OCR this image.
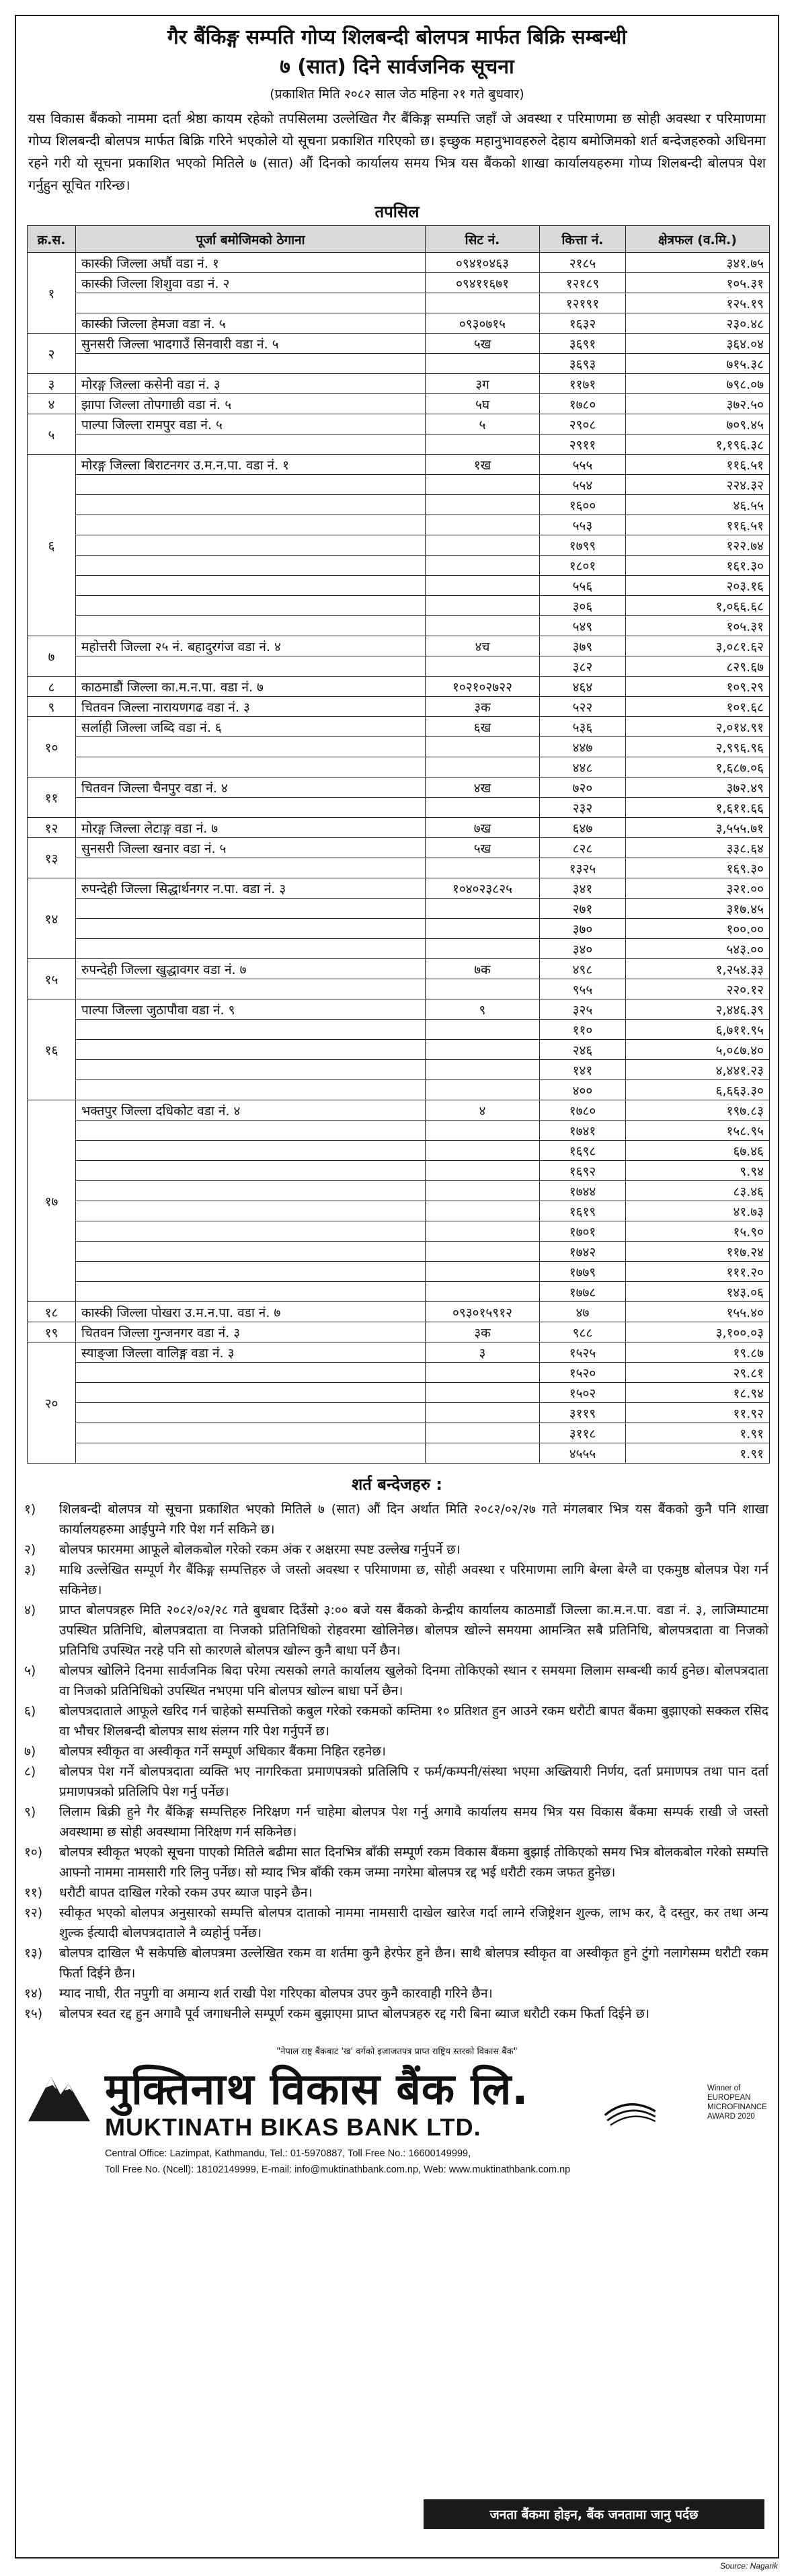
गैर बैंकिङ्ग सम्पति गोप्य शिलबन्दी बोलपत्र मार्फत बिक्रि सम्बन्धी
७ (सात) दिने सार्वजनिक सूचना
(प्रकाशित मिति २०८२ साल जेठ महिना २१ गते बुधवार)
यस विकास बैंकको नाममा दर्ता श्रेष्ठा कायम रहेको तपसिलमा उल्लेखित गैर बैंकिङ्ग सम्पत्ति जहाँ जे अवस्था र परिमाणमा छ सोही अवस्था र परिमाणमा गोप्य शिलबन्दी बोलपत्र मार्फत बिक्रि गरिने भएकोले यो सूचना प्रकाशित गरिएको छ। इच्छुक महानुभावहरुले देहाय बमोजिमको शर्त बन्देजहरुको अधिनमा रहने गरी यो सूचना प्रकाशित भएको मितिले ७ (सात) औं दिनको कार्यालय समय भित्र यस बैंकको शाखा कार्यालयहरुमा गोप्य शिलबन्दी बोलपत्र पेश गर्नुहुन सूचित गरिन्छ।
तपसिल
क्र.स.	पूर्जा बमोजिमको ठेगाना	सिट नं.	कित्ता नं.	क्षेत्रफल (व.मि.)
१	कास्की जिल्ला अर्घौ वडा नं. १	०९४१०४६३	२१८५	३४१.७५
	कास्की जिल्ला शिशुवा वडा नं. २	०९४११६७१	१२१८९	१०५.३१
			१२१९१	१२५.१९
	कास्की जिल्ला हेमजा वडा नं. ५	०९३०७१५	१६३२	२३०.४८
२	सुनसरी जिल्ला भादगाउँ सिनवारी वडा नं. ५	५ख	३६९१	३६४.०४
			३६९३	७१५.३८
३	मोरङ्ग जिल्ला कसेनी वडा नं. ३	३ग	११७१	७९८.०७
४	झापा जिल्ला तोपगाछी वडा नं. ५	५घ	१७८०	३७२.५०
५	पाल्पा जिल्ला रामपुर वडा नं. ५	५	२९०८	७०९.४५
			२९११	१,१९६.३८
६	मोरङ्ग जिल्ला बिराटनगर उ.म.न.पा. वडा नं. १	१ख	५५५	११६.५१
			५५४	२२४.३२
			१६००	४६.५५
			५५३	११६.५१
			१७९९	१२२.७४
			१८०१	१६१.३०
			५५६	२०३.१६
			३०६	१,०६६.६८
			५४९	१०५.३१
७	महोत्तरी जिल्ला २५ नं. बहादुरगंज वडा नं. ४	४च	३७९	३,०८१.६२
			३८२	८२९.६७
८	काठमाडौं जिल्ला का.म.न.पा. वडा नं. ७	१०२१०२७२२	४६४	१०९.२९
९	चितवन जिल्ला नारायणगढ वडा नं. ३	३क	५२२	१०१.६८
१०	सर्लाही जिल्ला जब्दि वडा नं. ६	६ख	५३६	२,०१४.९१
			४४७	२,९९६.९६
			४४८	१,६८७.०६
११	चितवन जिल्ला चैनपुर वडा नं. ४	४ख	७२०	३७२.४९
			२३२	१,६११.६६
१२	मोरङ्ग जिल्ला लेटाङ्ग वडा नं. ७	७ख	६४७	३,५५५.७१
१३	सुनसरी जिल्ला खनार वडा नं. ५	५ख	८२८	३३८.६४
			१३२५	१६९.३०
१४	रुपन्देही जिल्ला सिद्धार्थनगर न.पा. वडा नं. ३	१०४०२३८२५	३४१	३२१.००
			२७१	३१७.४५
			३७०	१००.००
			३४०	५४३.००
१५	रुपन्देही जिल्ला खुद्धावगर वडा नं. ७	७क	४९८	१,२५४.३३
			९५५	२२०.१२
१६	पाल्पा जिल्ला जुठापौवा वडा नं. ९	९	३२५	२,४४६.३९
			११०	६,७११.९५
			२४६	५,०८७.४०
			१४१	४,४४१.२३
			४००	६,६६३.३०
१७	भक्तपुर जिल्ला दधिकोट वडा नं. ४	४	१७८०	१९७.८३
			१७४१	१५८.९५
			१६९८	६७.४६
			१६९२	९.९४
			१७४४	८३.४६
			१६१९	४१.७३
			१७०१	१५.९०
			१७४२	११७.२४
			१७७९	१११.२०
			१७७८	१४३.०६
१८	कास्की जिल्ला पोखरा उ.म.न.पा. वडा नं. ७	०९३०१५९१२	४७	१५५.४०
१९	चितवन जिल्ला गुन्जनगर वडा नं. ३	३क	९८८	३,१००.०३
२०	स्याङ्जा जिल्ला वालिङ्ग वडा नं. ३	३	१५२५	१९.८७
			१५२०	२९.८१
			१५०२	१८.९४
			३११९	११.९२
			३११८	१.९१
			४५५५	१.९१
शर्त बन्देजहरु :
१)	शिलबन्दी बोलपत्र यो सूचना प्रकाशित भएको मितिले ७ (सात) औं दिन अर्थात मिति २०८२/०२/२७ गते मंगलबार भित्र यस बैंकको कुनै पनि शाखा कार्यालयहरुमा आईपुग्ने गरि पेश गर्न सकिने छ।
२)	बोलपत्र फारममा आफूले बोलकबोल गरेको रकम अंक र अक्षरमा स्पष्ट उल्लेख गर्नुपर्ने छ।
३)	माथि उल्लेखित सम्पूर्ण गैर बैंकिङ्ग सम्पत्तिहरु जे जस्तो अवस्था र परिमाणमा छ, सोही अवस्था र परिमाणमा लागि बेग्ला बेग्लै वा एकमुष्ठ बोलपत्र पेश गर्न सकिनेछ।
४)	प्राप्त बोलपत्रहरु मिति २०८२/०२/२८ गते बुधबार दिउँसो ३:०० बजे यस बैंकको केन्द्रीय कार्यालय काठमाडौं जिल्ला का.म.न.पा. वडा नं. ३, लाजिम्पाटमा उपस्थित प्रतिनिधि, बोलपत्रदाता वा निजको प्रतिनिधिको रोहवरमा खोलिनेछ। बोलपत्र खोल्ने समयमा आमन्त्रित सबै प्रतिनिधि, बोलपत्रदाता वा निजको प्रतिनिधि उपस्थित नरहे पनि सो कारणले बोलपत्र खोल्न कुनै बाधा पर्ने छैन।
५)	बोलपत्र खोलिने दिनमा सार्वजनिक बिदा परेमा त्यसको लगते कार्यालय खुलेको दिनमा तोकिएको स्थान र समयमा लिलाम सम्बन्धी कार्य हुनेछ। बोलपत्रदाता वा निजको प्रतिनिधिको उपस्थित नभएमा पनि बोलपत्र खोल्न बाधा पर्ने छैन।
६)	बोलपत्रदाताले आफूले खरिद गर्न चाहेको सम्पत्तिको कबुल गरेको रकमको कम्तिमा १० प्रतिशत हुन आउने रकम धरौटी बापत बैंकमा बुझाएको सक्कल रसिद वा भौचर शिलबन्दी बोलपत्र साथ संलग्न गरि पेश गर्नुपर्ने छ।
७)	बोलपत्र स्वीकृत वा अस्वीकृत गर्ने सम्पूर्ण अधिकार बैंकमा निहित रहनेछ।
८)	बोलपत्र पेश गर्ने बोलपत्रदाता व्यक्ति भए नागरिकता प्रमाणपत्रको प्रतिलिपि र फर्म/कम्पनी/संस्था भएमा अख्तियारी निर्णय, दर्ता प्रमाणपत्र तथा पान दर्ता प्रमाणपत्रको प्रतिलिपि पेश गर्नु पर्नेछ।
९)	लिलाम बिक्री हुने गैर बैंकिङ्ग सम्पत्तिहरु निरिक्षण गर्न चाहेमा बोलपत्र पेश गर्नु अगावै कार्यालय समय भित्र यस विकास बैंकमा सम्पर्क राखी जे जस्तो अवस्थामा छ सोही अवस्थामा निरिक्षण गर्न सकिनेछ।
१०)	बोलपत्र स्वीकृत भएको सूचना पाएको मितिले बढीमा सात दिनभित्र बाँकी सम्पूर्ण रकम विकास बैंकमा बुझाई तोकिएको समय भित्र बोलकबोल गरेको सम्पत्ति आफ्नो नाममा नामसारी गरि लिनु पर्नेछ। सो म्याद भित्र बाँकी रकम जम्मा नगरेमा बोलपत्र रद्द भई धरौटी रकम जफत हुनेछ।
११)	धरौटी बापत दाखिल गरेको रकम उपर ब्याज पाइने छैन।
१२)	स्वीकृत भएको बोलपत्र अनुसारको सम्पत्ति बोलपत्र दाताको नाममा नामसारी दाखेल खारेज गर्दा लाग्ने रजिष्ट्रेशन शुल्क, लाभ कर, दै दस्तुर, कर तथा अन्य शुल्क ईत्यादी बोलपत्रदाताले नै व्यहोर्नु पर्नेछ।
१३)	बोलपत्र दाखिल भै सकेपछि बोलपत्रमा उल्लेखित रकम वा शर्तमा कुनै हेरफेर हुने छैन। साथै बोलपत्र स्वीकृत वा अस्वीकृत हुने टुंगो नलागेसम्म धरौटी रकम फिर्ता दिईने छैन।
१४)	म्याद नाघी, रीत नपुगी वा अमान्य शर्त राखी पेश गरिएका बोलपत्र उपर कुनै कारवाही गरिने छैन।
१५)	बोलपत्र स्वत रद्द हुन अगावै पूर्व जगाधनीले सम्पूर्ण रकम बुझाएमा प्राप्त बोलपत्रहरु रद्द गरी बिना ब्याज धरौटी रकम फिर्ता दिईने छ।
"नेपाल राष्ट्र बैंकबाट 'ख' वर्गको इजाजतपत्र प्राप्त राष्ट्रिय स्तरको विकास बैंक"
मुक्तिनाथ विकास बैंक लि.
MUKTINATH BIKAS BANK LTD.
Central Office: Lazimpat, Kathmandu, Tel.: 01-5970887, Toll Free No.: 16600149999,
Toll Free No. (Ncell): 18102149999, E-mail: info@muktinathbank.com.np, Web: www.muktinathbank.com.np
Winner of EUROPEAN MICROFINANCE AWARD 2020
जनता बैंकमा होइन, बैंक जनतामा जानु पर्दछ
Source: Nagarik
